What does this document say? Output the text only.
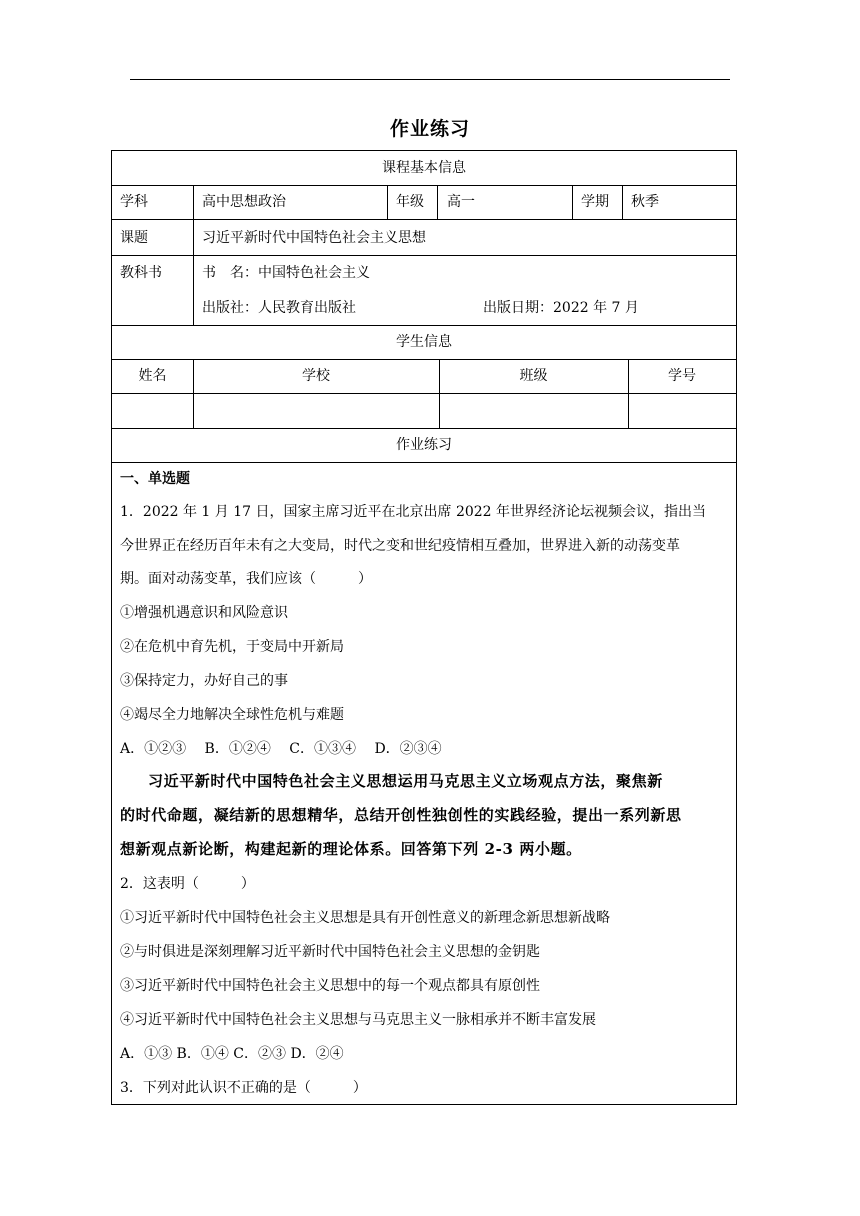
作业练习
课程基本信息
学科	高中思想政治	年级 高一	学期 秋季
课题	习近平新时代中国特色社会主义思想
教科书	书　名：中国特色社会主义
出版社：人民教育出版社	出版日期：2022 年 7 月
学生信息
姓名	学校	班级	学号
作业练习
一、单选题
1．2022 年 1 月 17 日，国家主席习近平在北京出席 2022 年世界经济论坛视频会议，指出当
今世界正在经历百年未有之大变局，时代之变和世纪疫情相互叠加，世界进入新的动荡变革
期。面对动荡变革，我们应该（　　　）
①增强机遇意识和风险意识
②在危机中育先机，于变局中开新局
③保持定力，办好自己的事
④竭尽全力地解决全球性危机与难题
A．①②③　 B．①②④　 C．①③④　 D．②③④
习近平新时代中国特色社会主义思想运用马克思主义立场观点方法，聚焦新
的时代命题，凝结新的思想精华，总结开创性独创性的实践经验，提出一系列新思
想新观点新论断，构建起新的理论体系。回答第下列 2-3 两小题。
2．这表明（　　　）
①习近平新时代中国特色社会主义思想是具有开创性意义的新理念新思想新战略
②与时俱进是深刻理解习近平新时代中国特色社会主义思想的金钥匙
③习近平新时代中国特色社会主义思想中的每一个观点都具有原创性
④习近平新时代中国特色社会主义思想与马克思主义一脉相承并不断丰富发展
A．①③ B．①④ C．②③ D．②④
3．下列对此认识不正确的是（　　　）
